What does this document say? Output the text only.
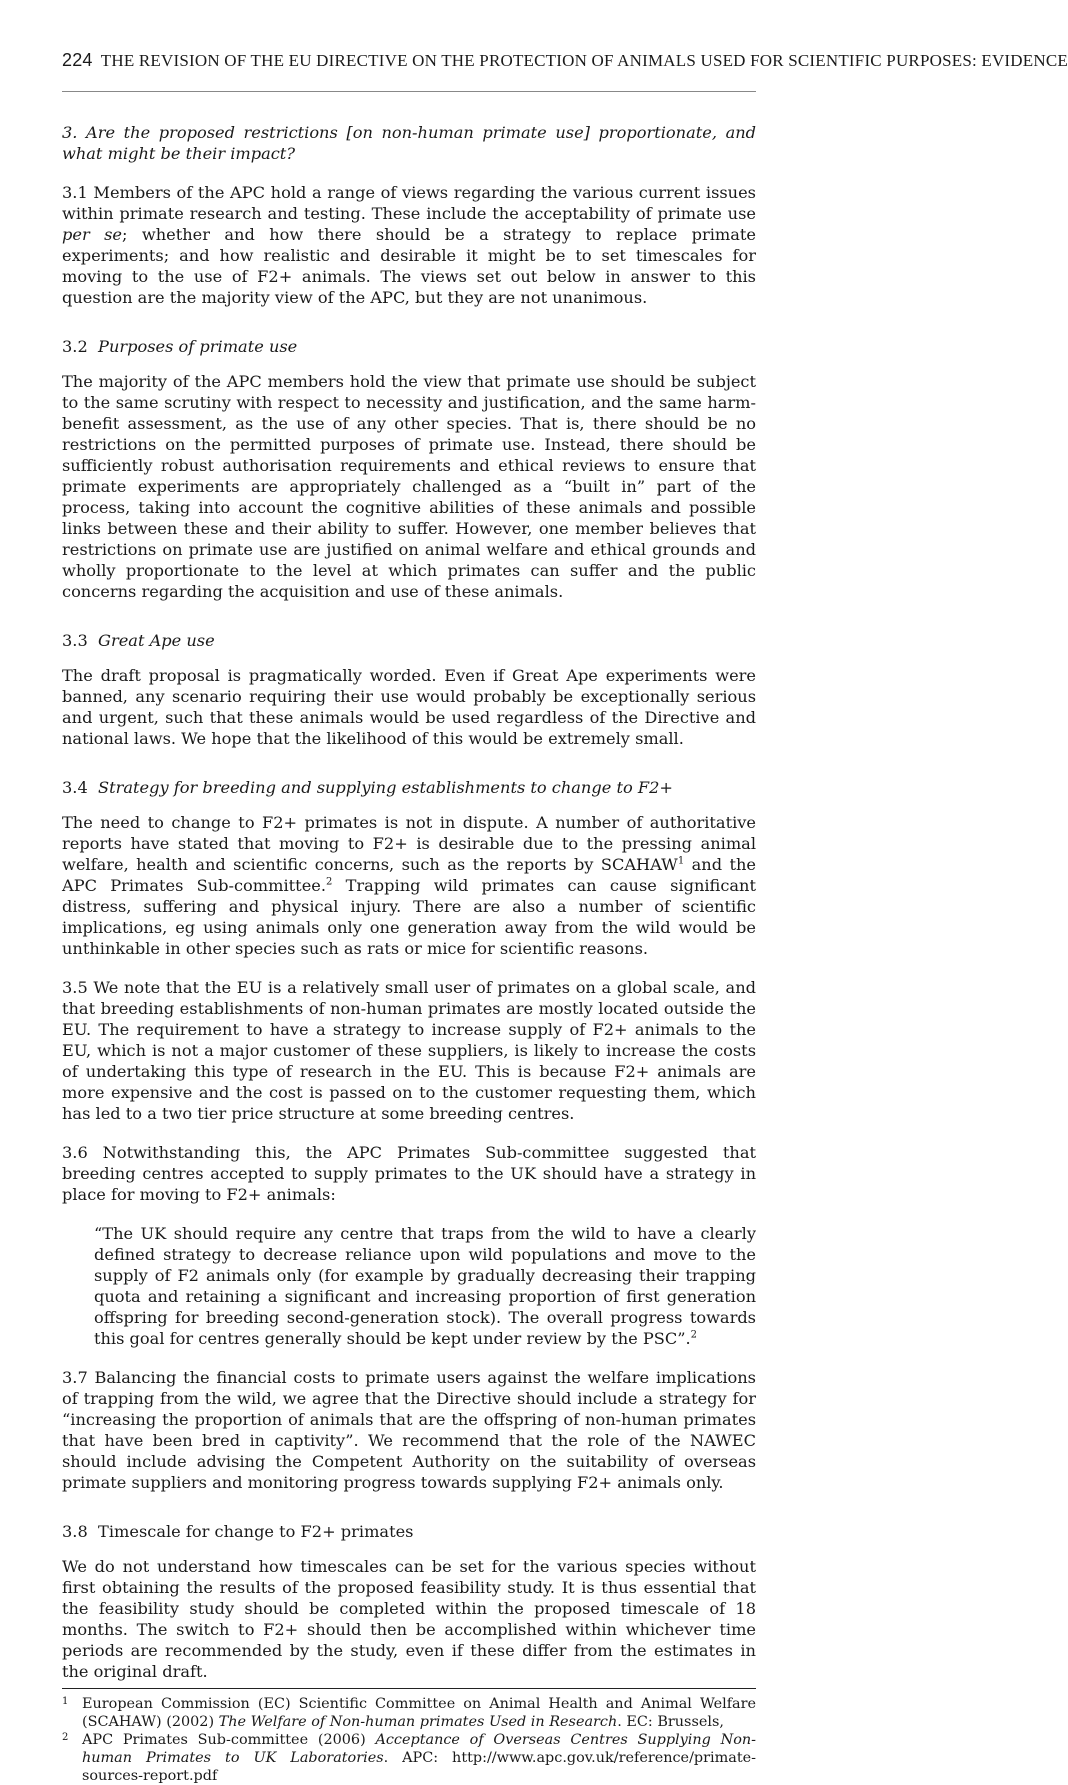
224 THE REVISION OF THE EU DIRECTIVE ON THE PROTECTION OF ANIMALS USED FOR SCIENTIFIC PURPOSES: EVIDENCE
3. Are the proposed restrictions [on non-human primate use] proportionate, and what might be their impact?

3.1 Members of the APC hold a range of views regarding the various current issues within primate research and testing. These include the acceptability of primate use per se; whether and how there should be a strategy to replace primate experiments; and how realistic and desirable it might be to set timescales for moving to the use of F2+ animals. The views set out below in answer to this question are the majority view of the APC, but they are not unanimous.

3.2 Purposes of primate use

The majority of the APC members hold the view that primate use should be subject to the same scrutiny with respect to necessity and justification, and the same harm-benefit assessment, as the use of any other species. That is, there should be no restrictions on the permitted purposes of primate use. Instead, there should be sufficiently robust authorisation requirements and ethical reviews to ensure that primate experiments are appropriately challenged as a “built in” part of the process, taking into account the cognitive abilities of these animals and possible links between these and their ability to suffer. However, one member believes that restrictions on primate use are justified on animal welfare and ethical grounds and wholly proportionate to the level at which primates can suffer and the public concerns regarding the acquisition and use of these animals.

3.3 Great Ape use

The draft proposal is pragmatically worded. Even if Great Ape experiments were banned, any scenario requiring their use would probably be exceptionally serious and urgent, such that these animals would be used regardless of the Directive and national laws. We hope that the likelihood of this would be extremely small.

3.4 Strategy for breeding and supplying establishments to change to F2+

The need to change to F2+ primates is not in dispute. A number of authoritative reports have stated that moving to F2+ is desirable due to the pressing animal welfare, health and scientific concerns, such as the reports by SCAHAW$^1$ and the APC Primates Sub-committee.$^2$ Trapping wild primates can cause significant distress, suffering and physical injury. There are also a number of scientific implications, eg using animals only one generation away from the wild would be unthinkable in other species such as rats or mice for scientific reasons.

3.5 We note that the EU is a relatively small user of primates on a global scale, and that breeding establishments of non-human primates are mostly located outside the EU. The requirement to have a strategy to increase supply of F2+ animals to the EU, which is not a major customer of these suppliers, is likely to increase the costs of undertaking this type of research in the EU. This is because F2+ animals are more expensive and the cost is passed on to the customer requesting them, which has led to a two tier price structure at some breeding centres.

3.6 Notwithstanding this, the APC Primates Sub-committee suggested that breeding centres accepted to supply primates to the UK should have a strategy in place for moving to F2+ animals:

“The UK should require any centre that traps from the wild to have a clearly defined strategy to decrease reliance upon wild populations and move to the supply of F2 animals only (for example by gradually decreasing their trapping quota and retaining a significant and increasing proportion of first generation offspring for breeding second-generation stock). The overall progress towards this goal for centres generally should be kept under review by the PSC”.$^2$

3.7 Balancing the financial costs to primate users against the welfare implications of trapping from the wild, we agree that the Directive should include a strategy for “increasing the proportion of animals that are the offspring of non-human primates that have been bred in captivity”. We recommend that the role of the NAWEC should include advising the Competent Authority on the suitability of overseas primate suppliers and monitoring progress towards supplying F2+ animals only.

3.8 Timescale for change to F2+ primates

We do not understand how timescales can be set for the various species without first obtaining the results of the proposed feasibility study. It is thus essential that the feasibility study should be completed within the proposed timescale of 18 months. The switch to F2+ should then be accomplished within whichever time periods are recommended by the study, even if these differ from the estimates in the original draft.

1 European Commission (EC) Scientific Committee on Animal Health and Animal Welfare (SCAHAW) (2002) The Welfare of Non-human primates Used in Research. EC: Brussels,
2 APC Primates Sub-committee (2006) Acceptance of Overseas Centres Supplying Non-human Primates to UK Laboratories. APC: http://www.apc.gov.uk/reference/primate-sources-report.pdf
